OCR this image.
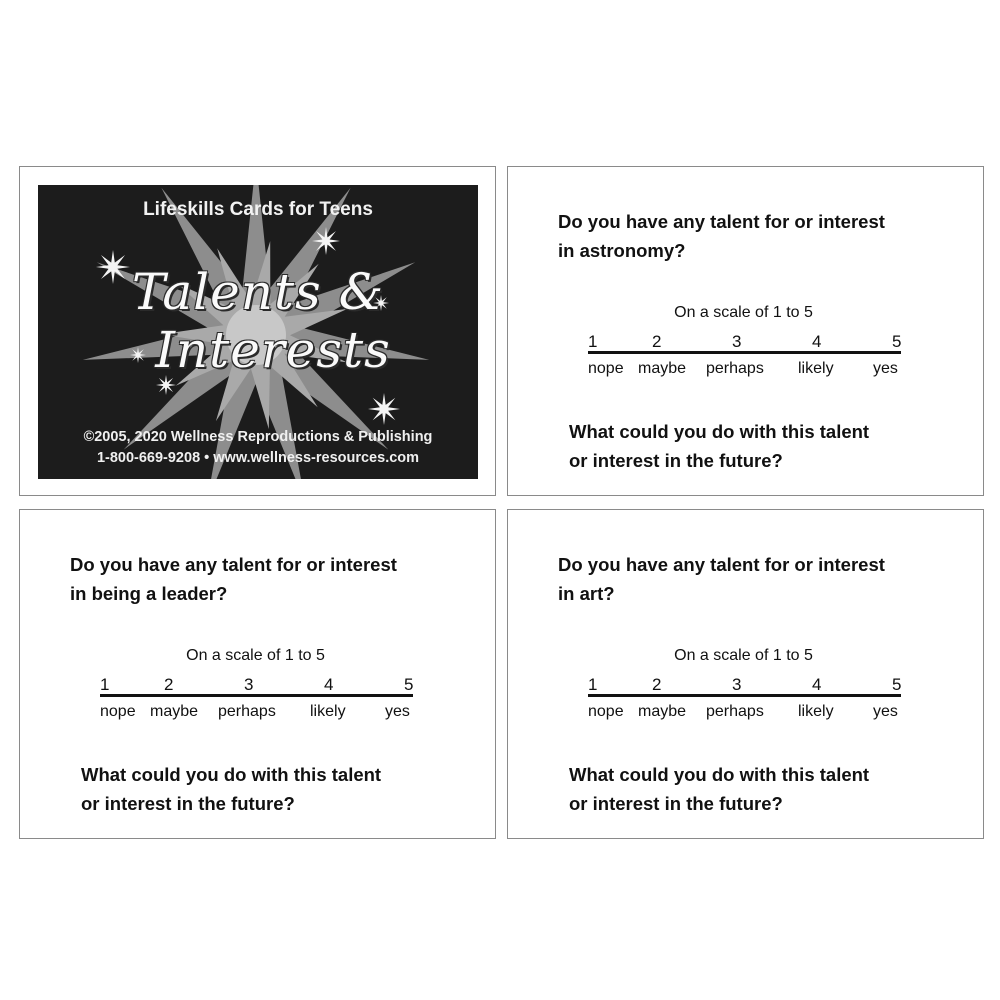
Lifeskills Cards for Teens
Talents &
Interests
©2005, 2020 Wellness Reproductions & Publishing
1-800-669-9208 • www.wellness-resources.com
Do you have any talent for or interest
in astronomy?
On a scale of 1 to 5
1	2	3	4	5
nope maybe perhaps likely yes
What could you do with this talent
or interest in the future?
Do you have any talent for or interest
in being a leader?
On a scale of 1 to 5
1	2	3	4	5
nope maybe perhaps likely yes
What could you do with this talent
or interest in the future?
Do you have any talent for or interest
in art?
On a scale of 1 to 5
1	2	3	4	5
nope maybe perhaps likely yes
What could you do with this talent
or interest in the future?
